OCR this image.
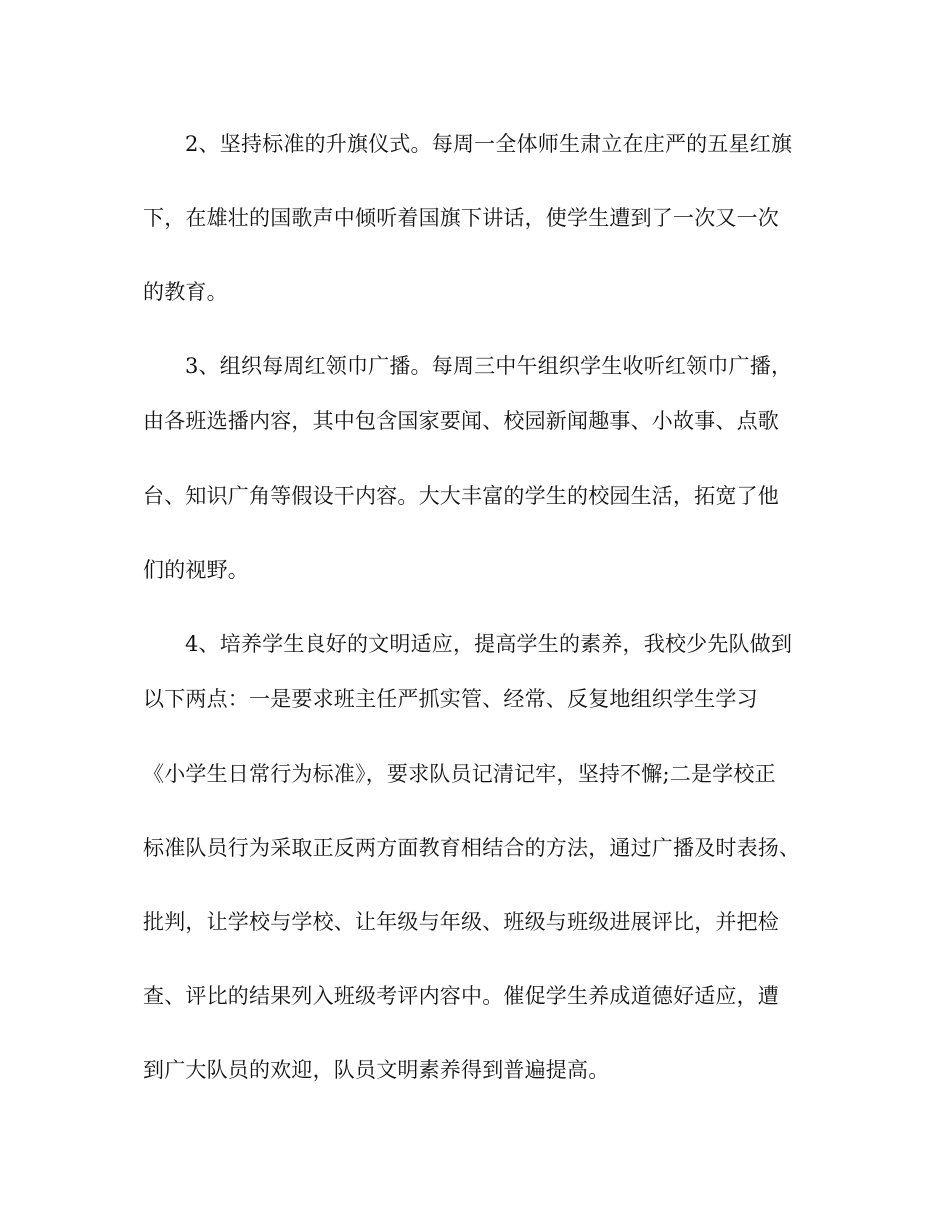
2、坚持标准的升旗仪式。每周一全体师生肃立在庄严的五星红旗
下，在雄壮的国歌声中倾听着国旗下讲话，使学生遭到了一次又一次
的教育。
3、组织每周红领巾广播。每周三中午组织学生收听红领巾广播，
由各班选播内容，其中包含国家要闻、校园新闻趣事、小故事、点歌
台、知识广角等假设干内容。大大丰富的学生的校园生活，拓宽了他
们的视野。
4、培养学生良好的文明适应，提高学生的素养，我校少先队做到
以下两点：一是要求班主任严抓实管、经常、反复地组织学生学习
《小学生日常行为标准》，要求队员记清记牢，坚持不懈;二是学校正
标准队员行为采取正反两方面教育相结合的方法，通过广播及时表扬、
批判，让学校与学校、让年级与年级、班级与班级进展评比，并把检
查、评比的结果列入班级考评内容中。催促学生养成道德好适应，遭
到广大队员的欢迎，队员文明素养得到普遍提高。
